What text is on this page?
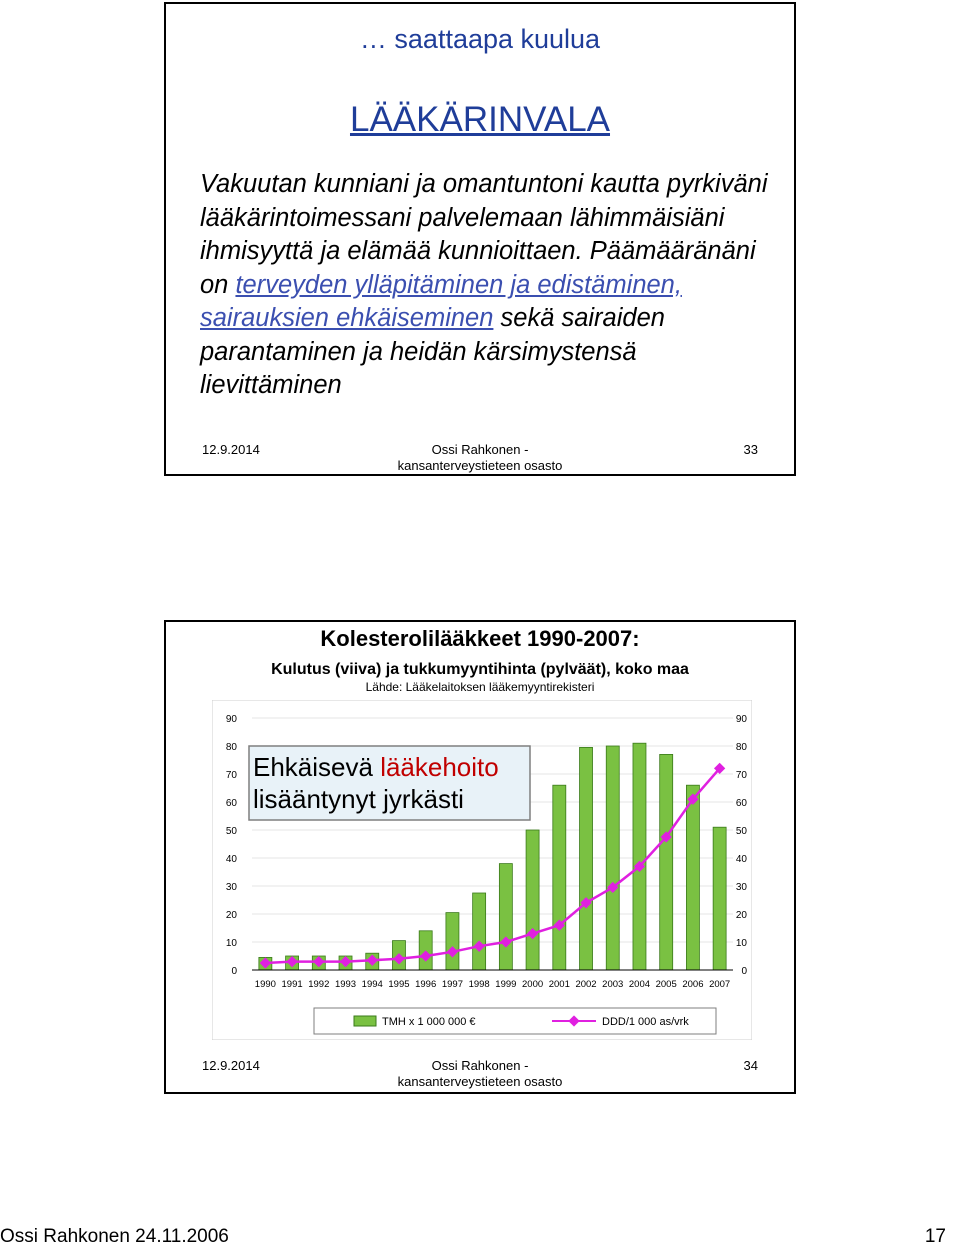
… saattaapa kuulua
LÄÄKÄRINVALA
Vakuutan kunniani ja omantuntoni kautta pyrkiväni lääkärintoimessani palvelemaan lähimmäisiäni ihmisyyttä ja elämää kunnioittaen. Päämääränäni on terveyden ylläpitäminen ja edistäminen, sairauksien ehkäiseminen sekä sairaiden parantaminen ja heidän kärsimystensä lievittäminen
12.9.2014	Ossi Rahkonen -
kansanterveystieteen osasto
33
Kolesterolilääkkeet 1990-2007:
Kulutus (viiva) ja tukkumyyntihinta (pylväät), koko maa
Lähde: Lääkelaitoksen lääkemyyntirekisteri
0
10
20
30
40
50
60
70
80
90
0
10
20
30
40
50
60
70
80
90
1990 1991 1992 1993 1994 1995 1996 1997 1998 1999 2000 2001 2002 2003 2004 2005 2006 2007
Ehkäisevä lääkehoito
lisääntynyt jyrkästi
TMH x 1 000 000 €	DDD/1 000 as/vrk
12.9.2014	Ossi Rahkonen -
kansanterveystieteen osasto
34
Ossi Rahkonen 24.11.2006	17
